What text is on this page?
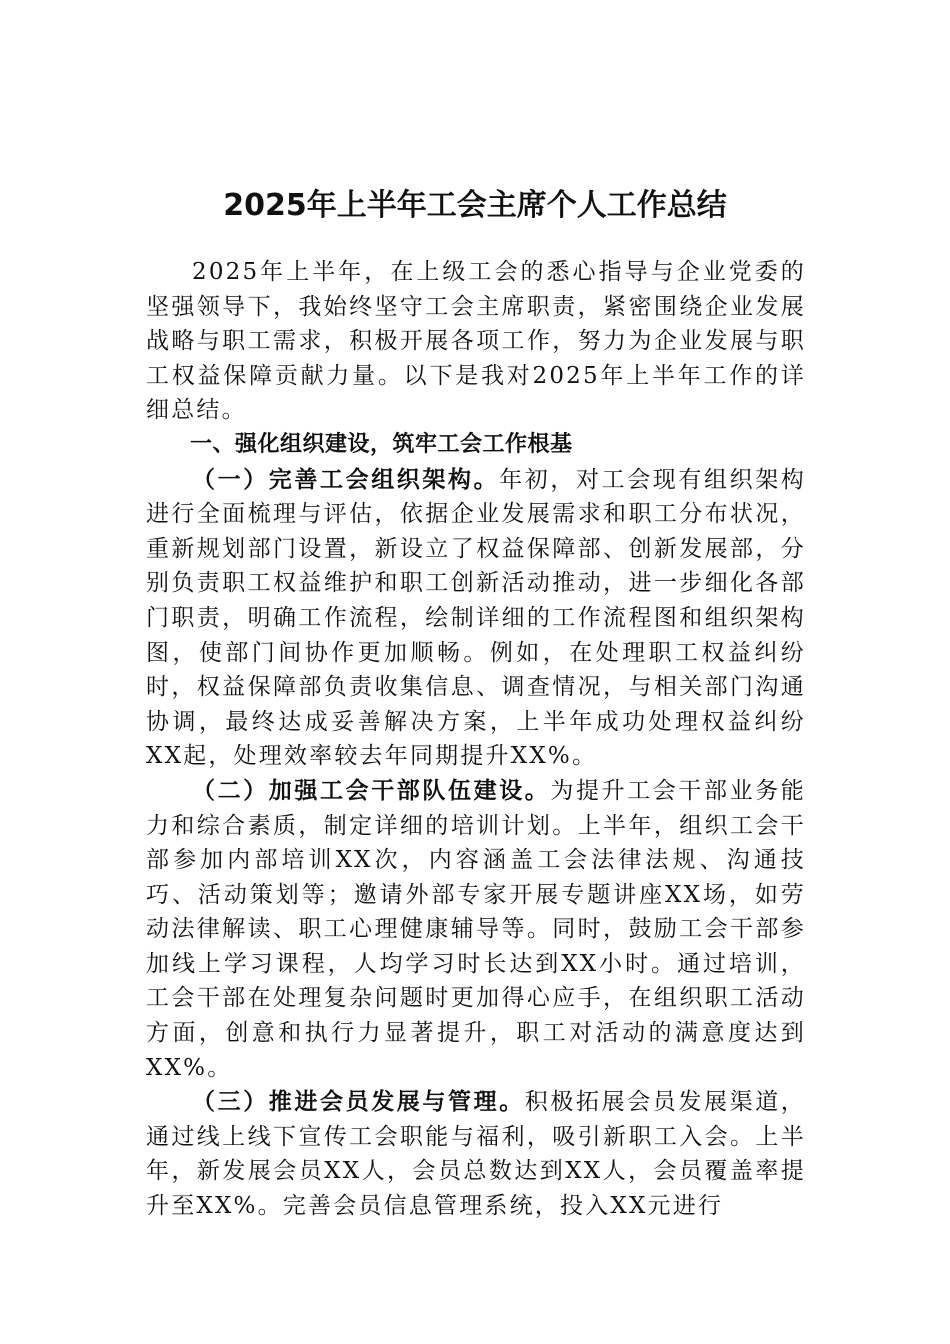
2025年上半年工会主席个人工作总结

2025年上半年，在上级工会的悉心指导与企业党委的坚强领导下，我始终坚守工会主席职责，紧密围绕企业发展战略与职工需求，积极开展各项工作，努力为企业发展与职工权益保障贡献力量。以下是我对2025年上半年工作的详细总结。

一、强化组织建设，筑牢工会工作根基

（一）完善工会组织架构。年初，对工会现有组织架构进行全面梳理与评估，依据企业发展需求和职工分布状况，重新规划部门设置，新设立了权益保障部、创新发展部，分别负责职工权益维护和职工创新活动推动，进一步细化各部门职责，明确工作流程，绘制详细的工作流程图和组织架构图，使部门间协作更加顺畅。例如，在处理职工权益纠纷时，权益保障部负责收集信息、调查情况，与相关部门沟通协调，最终达成妥善解决方案，上半年成功处理权益纠纷XX起，处理效率较去年同期提升XX%。

（二）加强工会干部队伍建设。为提升工会干部业务能力和综合素质，制定详细的培训计划。上半年，组织工会干部参加内部培训XX次，内容涵盖工会法律法规、沟通技巧、活动策划等；邀请外部专家开展专题讲座XX场，如劳动法律解读、职工心理健康辅导等。同时，鼓励工会干部参加线上学习课程，人均学习时长达到XX小时。通过培训，工会干部在处理复杂问题时更加得心应手，在组织职工活动方面，创意和执行力显著提升，职工对活动的满意度达到XX%。

（三）推进会员发展与管理。积极拓展会员发展渠道，通过线上线下宣传工会职能与福利，吸引新职工入会。上半年，新发展会员XX人，会员总数达到XX人，会员覆盖率提升至XX%。完善会员信息管理系统，投入XX元进行
